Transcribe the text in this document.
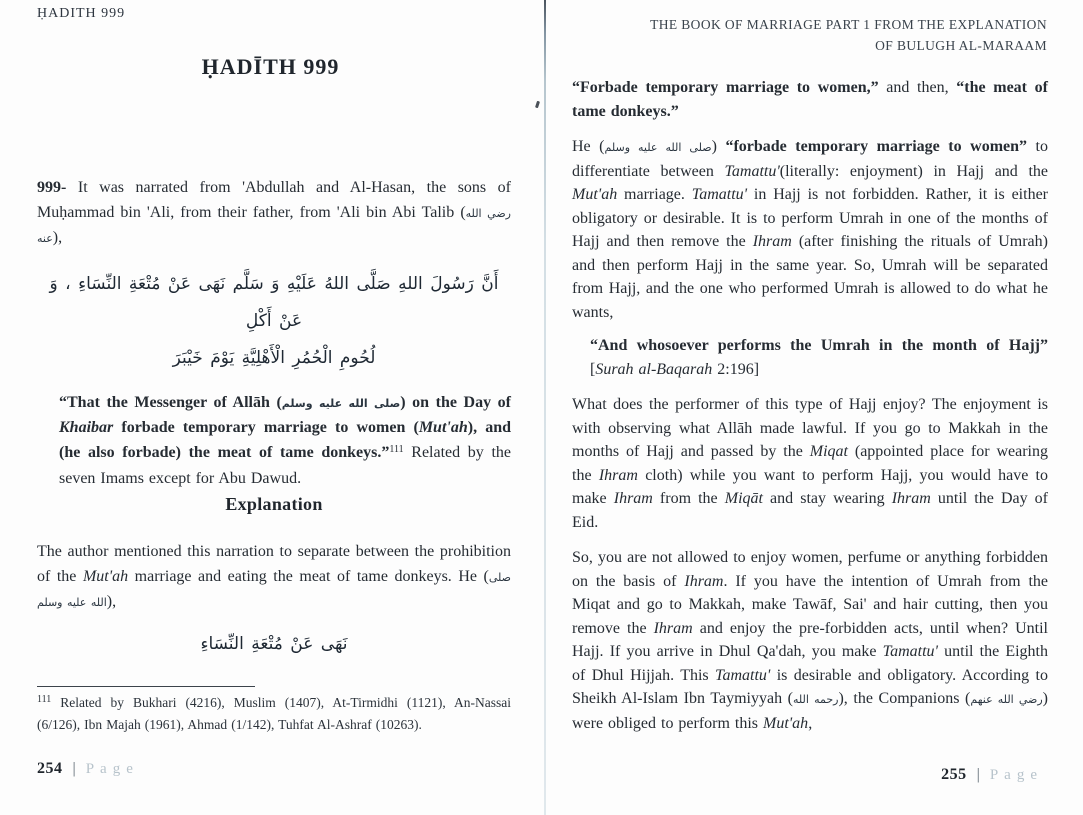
ḤADITH 999
ḤADĪTH 999

999- It was narrated from 'Abdullah and Al-Hasan, the sons of Muḥammad bin 'Ali, from their father, from 'Ali bin Abi Talib (رضي الله عنه),

أَنَّ رَسُولَ اللهِ صَلَّى اللهُ عَلَيْهِ وَ سَلَّم نَهَى عَنْ مُتْعَةِ النِّسَاءِ ، وَ عَنْ أَكْلِ
لُحُومِ الْحُمُرِ الْأَهْلِيَّةِ يَوْمَ خَيْبَرَ

“That the Messenger of Allāh (صلى الله عليه وسلم) on the Day of Khaibar forbade temporary marriage to women (Mut'ah), and (he also forbade) the meat of tame donkeys.”$^{111}$ Related by the seven Imams except for Abu Dawud.

Explanation

The author mentioned this narration to separate between the prohibition of the Mut'ah marriage and eating the meat of tame donkeys. He (صلى الله عليه وسلم),

نَهَى عَنْ مُتْعَةِ النِّسَاءِ

$^{111}$ Related by Bukhari (4216), Muslim (1407), At-Tirmidhi (1121), An-Nassai (6/126), Ibn Majah (1961), Ahmad (1/142), Tuhfat Al-Ashraf (10263).

254 | Page
THE BOOK OF MARRIAGE PART 1 FROM THE EXPLANATION
OF BULUGH AL-MARAAM

“Forbade temporary marriage to women,” and then, “the meat of tame donkeys.”

He (صلى الله عليه وسلم) “forbade temporary marriage to women” to differentiate between Tamattu'(literally: enjoyment) in Hajj and the Mut'ah marriage. Tamattu' in Hajj is not forbidden. Rather, it is either obligatory or desirable. It is to perform Umrah in one of the months of Hajj and then remove the Ihram (after finishing the rituals of Umrah) and then perform Hajj in the same year. So, Umrah will be separated from Hajj, and the one who performed Umrah is allowed to do what he wants,

“And whosoever performs the Umrah in the month of Hajj” [Surah al-Baqarah 2:196]

What does the performer of this type of Hajj enjoy? The enjoyment is with observing what Allāh made lawful. If you go to Makkah in the months of Hajj and passed by the Miqat (appointed place for wearing the Ihram cloth) while you want to perform Hajj, you would have to make Ihram from the Miqāt and stay wearing Ihram until the Day of Eid.

So, you are not allowed to enjoy women, perfume or anything forbidden on the basis of Ihram. If you have the intention of Umrah from the Miqat and go to Makkah, make Tawāf, Sai' and hair cutting, then you remove the Ihram and enjoy the pre-forbidden acts, until when? Until Hajj. If you arrive in Dhul Qa'dah, you make Tamattu' until the Eighth of Dhul Hijjah. This Tamattu' is desirable and obligatory. According to Sheikh Al-Islam Ibn Taymiyyah (رحمه الله), the Companions (رضي الله عنهم) were obliged to perform this Mut'ah,

255 | Page
